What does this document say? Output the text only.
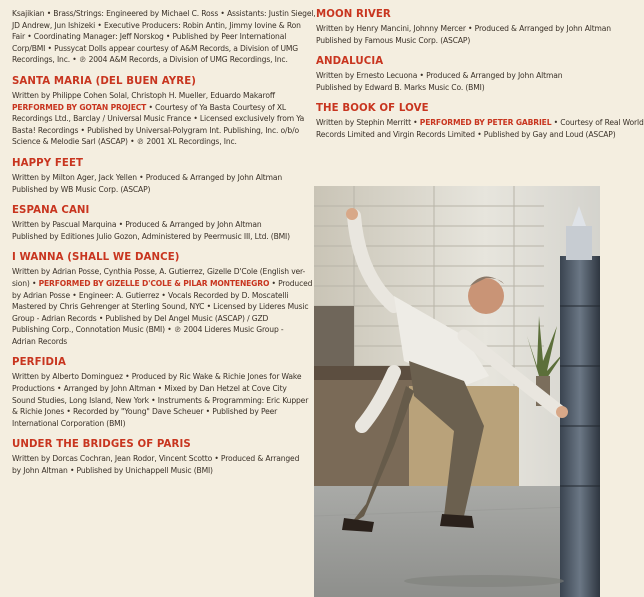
Ksajikian • Brass/Strings: Engineered by Michael C. Ross • Assistants: Justin Siegel,
JD Andrew, Jun Ishizeki • Executive Producers: Robin Antin, Jimmy Iovine & Ron
Fair • Coordinating Manager: Jeff Norskog • Published by Peer International
Corp/BMI • Pussycat Dolls appear courtesy of A&M Records, a Division of UMG
Recordings, Inc. • ℗ 2004 A&M Records, a Division of UMG Recordings, Inc.
SANTA MARIA (DEL BUEN AYRE)
Written by Philippe Cohen Solal, Christoph H. Mueller, Eduardo Makaroff
PERFORMED BY GOTAN PROJECT • Courtesy of Ya Basta Courtesy of XL
Recordings Ltd., Barclay / Universal Music France • Licensed exclusively from Ya
Basta! Recordings • Published by Universal-Polygram Int. Publishing, Inc. o/b/o
Science & Melodie Sarl (ASCAP) • ℗ 2001 XL Recordings, Inc.
HAPPY FEET
Written by Milton Ager, Jack Yellen • Produced & Arranged by John Altman
Published by WB Music Corp. (ASCAP)
ESPANA CANI
Written by Pascual Marquina • Produced & Arranged by John Altman
Published by Editiones Julio Gozon, Administered by Peermusic III, Ltd. (BMI)
I WANNA (SHALL WE DANCE)
Written by Adrian Posse, Cynthia Posse, A. Gutierrez, Gizelle D'Cole (English ver-
sion) • PERFORMED BY GIZELLE D'COLE & PILAR MONTENEGRO • Produced
by Adrian Posse • Engineer: A. Gutierrez • Vocals Recorded by D. Moscatelli
Mastered by Chris Gehrenger at Sterling Sound, NYC • Licensed by Lideres Music
Group - Adrian Records • Published by Del Angel Music (ASCAP) / GZD
Publishing Corp., Connotation Music (BMI) • ℗ 2004 Lideres Music Group -
Adrian Records
PERFIDIA
Written by Alberto Dominguez • Produced by Ric Wake & Richie Jones for Wake
Productions • Arranged by John Altman • Mixed by Dan Hetzel at Cove City
Sound Studies, Long Island, New York • Instruments & Programming: Eric Kupper
& Richie Jones • Recorded by "Young" Dave Scheuer • Published by Peer
International Corporation (BMI)
UNDER THE BRIDGES OF PARIS
Written by Dorcas Cochran, Jean Rodor, Vincent Scotto • Produced & Arranged
by John Altman • Published by Unichappell Music (BMI)
MOON RIVER
Written by Henry Mancini, Johnny Mercer • Produced & Arranged by John Altman
Published by Famous Music Corp. (ASCAP)
ANDALUCIA
Written by Ernesto Lecuona • Produced & Arranged by John Altman
Published by Edward B. Marks Music Co. (BMI)
THE BOOK OF LOVE
Written by Stephin Merritt • PERFORMED BY PETER GABRIEL • Courtesy of Real World
Records Limited and Virgin Records Limited • Published by Gay and Loud (ASCAP)
